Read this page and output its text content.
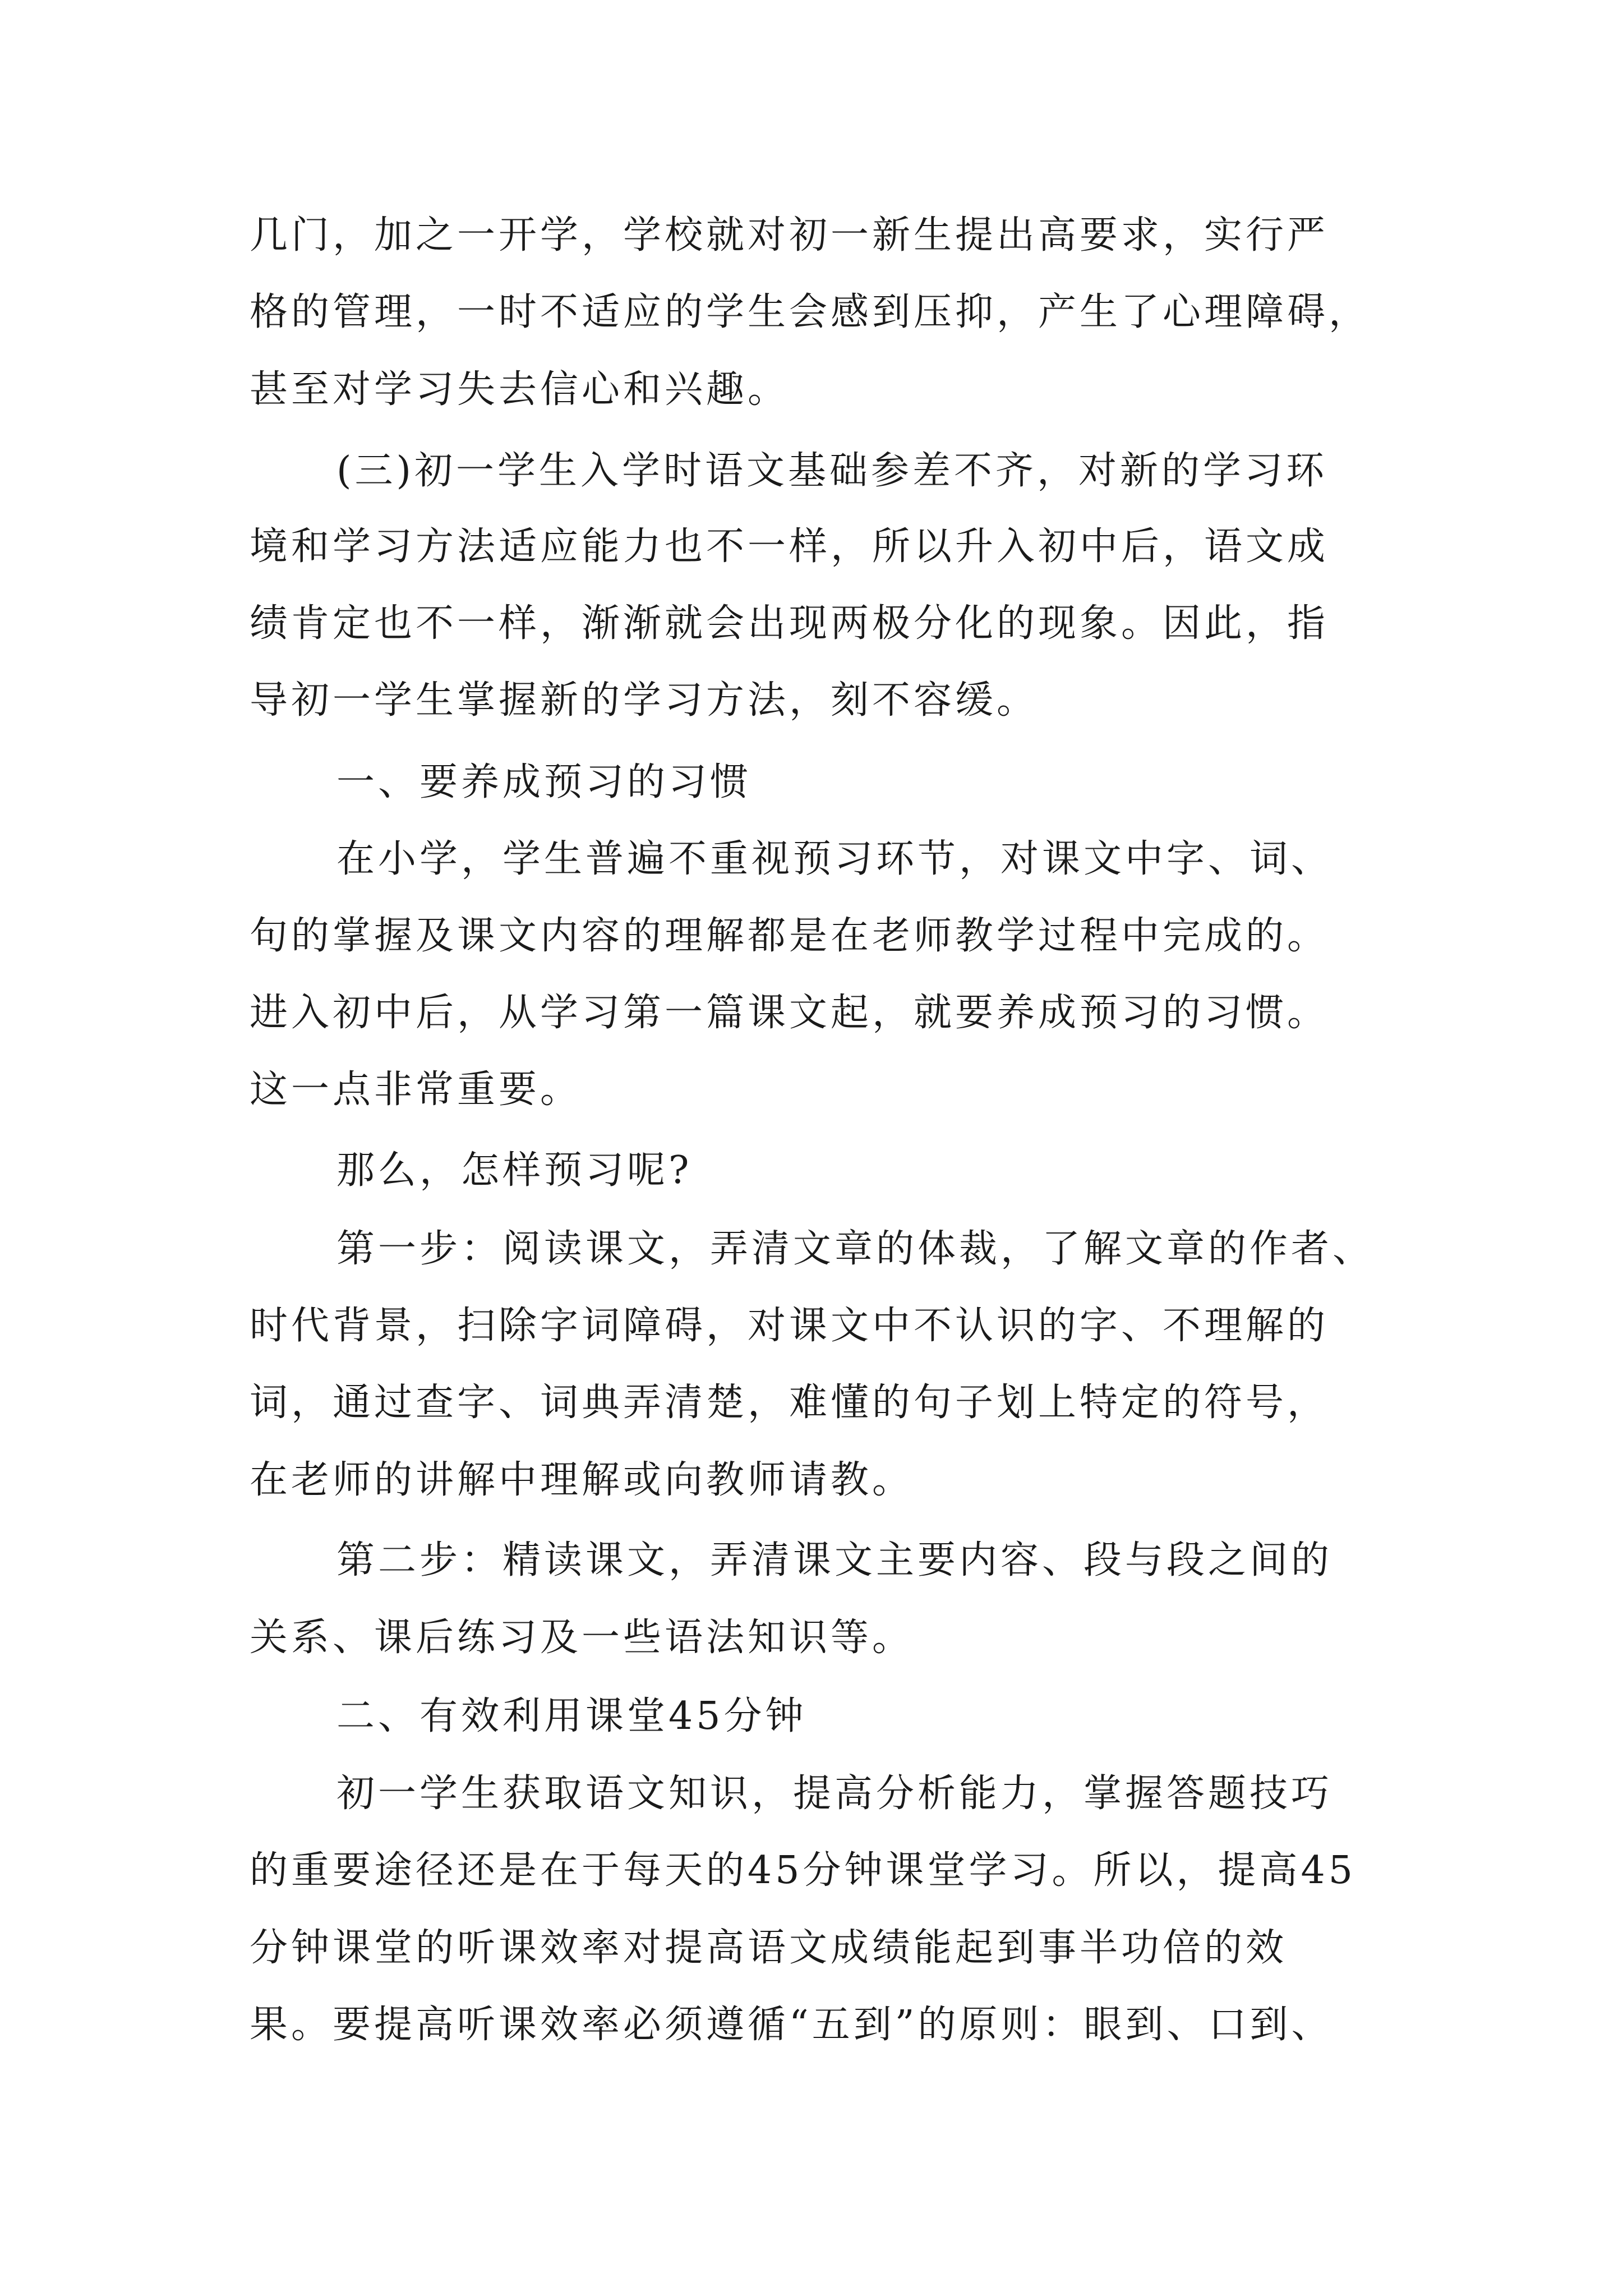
几门，加之一开学，学校就对初一新生提出高要求，实行严
格的管理，一时不适应的学生会感到压抑，产生了心理障碍，
甚至对学习失去信心和兴趣。
(三)初一学生入学时语文基础参差不齐，对新的学习环
境和学习方法适应能力也不一样，所以升入初中后，语文成
绩肯定也不一样，渐渐就会出现两极分化的现象。因此，指
导初一学生掌握新的学习方法，刻不容缓。
一、要养成预习的习惯
在小学，学生普遍不重视预习环节，对课文中字、词、
句的掌握及课文内容的理解都是在老师教学过程中完成的。
进入初中后，从学习第一篇课文起，就要养成预习的习惯。
这一点非常重要。
那么，怎样预习呢?
第一步：阅读课文，弄清文章的体裁，了解文章的作者、
时代背景，扫除字词障碍，对课文中不认识的字、不理解的
词，通过查字、词典弄清楚，难懂的句子划上特定的符号，
在老师的讲解中理解或向教师请教。
第二步：精读课文，弄清课文主要内容、段与段之间的
关系、课后练习及一些语法知识等。
二、有效利用课堂45分钟
初一学生获取语文知识，提高分析能力，掌握答题技巧
的重要途径还是在于每天的45分钟课堂学习。所以，提高45
分钟课堂的听课效率对提高语文成绩能起到事半功倍的效
果。要提高听课效率必须遵循“五到”的原则：眼到、口到、
